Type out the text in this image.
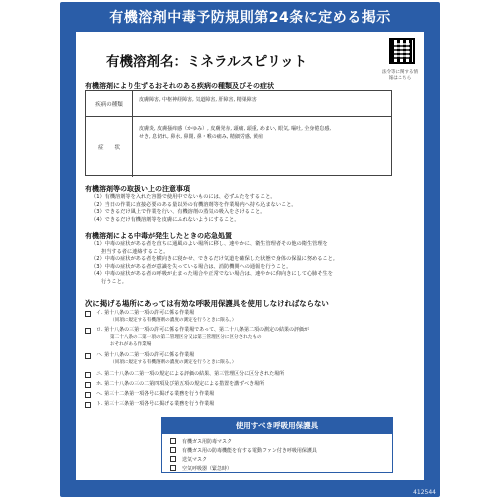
有機溶剤中毒予防規則第24条に定める掲示
有機溶剤名：ミネラルスピリット
法令等に関する情報はこちら
有機溶剤により生ずるおそれのある疾病の種類及びその症状
疾病の種類
皮膚障害, 中枢神経障害, 気道障害, 肝障害, 精巣障害
症　　状
皮膚炎, 皮膚掻痒感（かゆみ）, 皮膚発赤, 頭痛, 頭重, めまい, 眼気, 嘔吐, 全身倦怠感,
せき, 息切れ, 鼻水, 鼻閉, 鼻・喉の痛み, 精細労感, 黄疸
有機溶剤等の取扱い上の注意事項
（1）有機溶剤等を入れた容器で使用中でないものには、必ずふたをすること。
（2）当日の作業に直接必要のある量以外の有機溶剤等を作業場内へ持ち込まないこと。
（3）できるだけ風上で作業を行い、有機溶剤の蒸気の吸入をさけること。
（4）できるだけ有機溶剤等を皮膚にふれないようにすること。
有機溶剤による中毒が発生したときの応急処置
（1）中毒の症状がある者を直ちに通風のよい場所に移し、速やかに、衛生管理者その他の衛生管理を
担当する者に連絡すること。
（2）中毒の症状がある者を横向きに寝かせ、できるだけ気道を確保した状態で身体の保温に努めること。
（3）中毒の症状がある者が意識を失っている場合は、消防機関への通報を行うこと。
（4）中毒の症状がある者の呼吸が止まった場合や正常でない場合は、速やかに仰向きにして心肺そ生を
行うこと。
次に掲げる場所にあっては有効な呼吸用保護具を使用しなければならない
イ. 第十八条の二第一項の許可に係る作業場
（同項に規定する有機溶剤の濃度の測定を行うときに限る。）
ロ. 第十八条の三第一項の許可に係る作業場であって、第二十八条第二項の測定の結果の評価が
第二十八条の二第一項の第二管理区分又は第三管理区分に区分されたもの
おそれがある作業場
ハ. 第十八条の二第一項の許可に係る作業場
（同項に規定する有機溶剤の濃度の測定を行うときに限る。）
ニ. 第二十八条の二第一項の規定による評価の結果、第三管理区分に区分された場所
ホ. 第二十八条の三の二第四項及び第五項の規定による措置を講ずべき場所
ヘ. 第三十二条第一項各号に掲げる業務を行う作業場
ト. 第三十三条第一項各号に掲げる業務を行う作業場
使用すべき呼吸用保護具
有機ガス用防毒マスク
有機ガス用の防毒機能を有する電動ファン付き呼吸用保護具
送気マスク
空気呼吸器（緊急時）
412544
